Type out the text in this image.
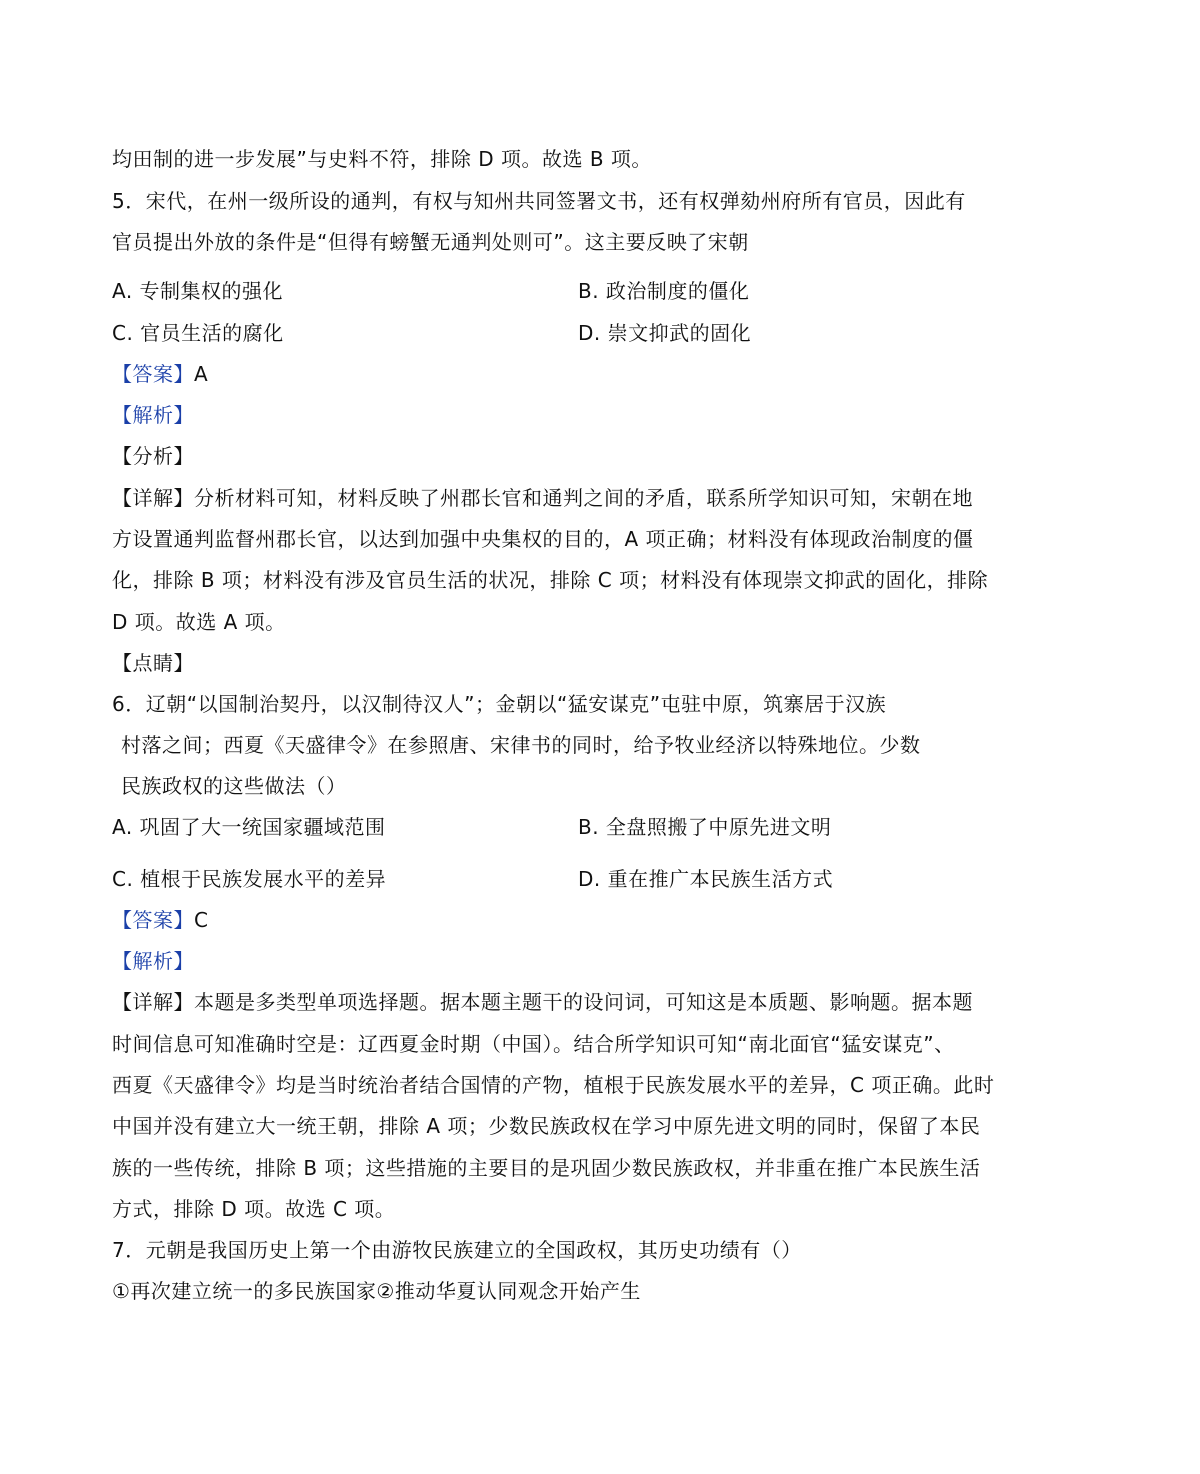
均田制的进一步发展”与史料不符，排除 D 项。故选 B 项。
5．宋代，在州一级所设的通判，有权与知州共同签署文书，还有权弹劾州府所有官员，因此有
官员提出外放的条件是“但得有螃蟹无通判处则可”。这主要反映了宋朝
A. 专制集权的强化	B. 政治制度的僵化
C. 官员生活的腐化	D. 崇文抑武的固化
【答案】A
【解析】
【分析】
【详解】分析材料可知，材料反映了州郡长官和通判之间的矛盾，联系所学知识可知，宋朝在地
方设置通判监督州郡长官，以达到加强中央集权的目的，A 项正确；材料没有体现政治制度的僵
化，排除 B 项；材料没有涉及官员生活的状况，排除 C 项；材料没有体现崇文抑武的固化，排除
D 项。故选 A 项。
【点睛】
6．辽朝“以国制治契丹，以汉制待汉人”；金朝以“猛安谋克”屯驻中原，筑寨居于汉族
村落之间；西夏《天盛律令》在参照唐、宋律书的同时，给予牧业经济以特殊地位。少数
民族政权的这些做法（）
A. 巩固了大一统国家疆域范围	B. 全盘照搬了中原先进文明
C. 植根于民族发展水平的差异	D. 重在推广本民族生活方式
【答案】C
【解析】
【详解】本题是多类型单项选择题。据本题主题干的设问词，可知这是本质题、影响题。据本题
时间信息可知准确时空是：辽西夏金时期（中国）。结合所学知识可知“南北面官“猛安谋克”、
西夏《天盛律令》均是当时统治者结合国情的产物，植根于民族发展水平的差异，C 项正确。此时
中国并没有建立大一统王朝，排除 A 项；少数民族政权在学习中原先进文明的同时，保留了本民
族的一些传统，排除 B 项；这些措施的主要目的是巩固少数民族政权，并非重在推广本民族生活
方式，排除 D 项。故选 C 项。
7．元朝是我国历史上第一个由游牧民族建立的全国政权，其历史功绩有（）
①再次建立统一的多民族国家②推动华夏认同观念开始产生
